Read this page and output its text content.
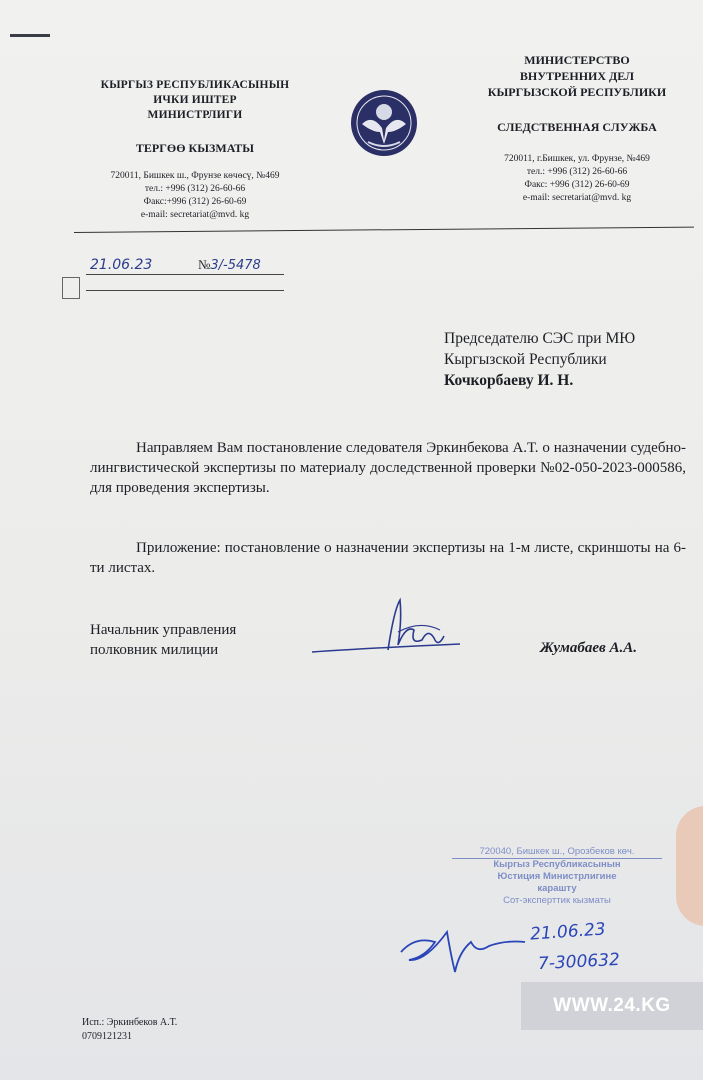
КЫРГЫЗ РЕСПУБЛИКАСЫНЫН
ИЧКИ ИШТЕР
МИНИСТРЛИГИ
ТЕРГӨӨ КЫЗМАТЫ
720011, Бишкек ш., Фрунзе көчөсү, №469
тел.: +996 (312) 26-60-66
Факс:+996 (312) 26-60-69
e-mail: secretariat@mvd. kg
МИНИСТЕРСТВО
ВНУТРЕННИХ ДЕЛ
КЫРГЫЗСКОЙ РЕСПУБЛИКИ
СЛЕДСТВЕННАЯ СЛУЖБА
720011, г.Бишкек, ул. Фрунзе, №469
тел.: +996 (312) 26-60-66
Факс: +996 (312) 26-60-69
e-mail: secretariat@mvd. kg
21.06.23	№3/-5478
Председателю СЭС при МЮ
Кыргызской Республики
Кочкорбаеву И. Н.
Направляем Вам постановление следователя Эркинбекова А.Т. о назначении судебно-лингвистической экспертизы по материалу доследственной проверки №02-050-2023-000586, для проведения экспертизы.
Приложение: постановление о назначении экспертизы на 1-м листе, скриншоты на 6-ти листах.
Начальник управления
полковник милиции	Жумабаев А.А.
720040, Бишкек ш., Орозбеков көч.
Кыргыз Республикасынын
Юстиция Министрлигине
карашту
Сот-эксперттик кызматы
21.06.23
7-300632
Исп.: Эркинбеков А.Т.
0709121231
WWW.24.KG
